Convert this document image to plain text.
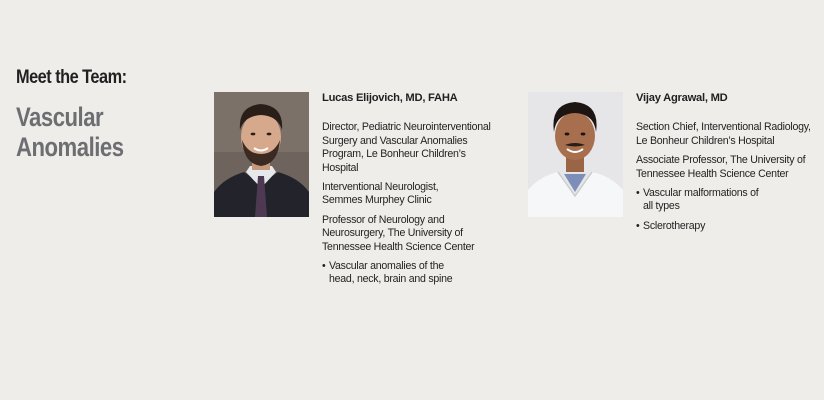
Meet the Team:
Vascular
Anomalies
Lucas Elijovich, MD, FAHA
Director, Pediatric Neurointerventional
Surgery and Vascular Anomalies
Program, Le Bonheur Children’s
Hospital
Interventional Neurologist,
Semmes Murphey Clinic
Professor of Neurology and
Neurosurgery, The University of
Tennessee Health Science Center
• Vascular anomalies of the
head, neck, brain and spine
Vijay Agrawal, MD
Section Chief, Interventional Radiology,
Le Bonheur Children’s Hospital
Associate Professor, The University of
Tennessee Health Science Center
• Vascular malformations of
all types
• Sclerotherapy
